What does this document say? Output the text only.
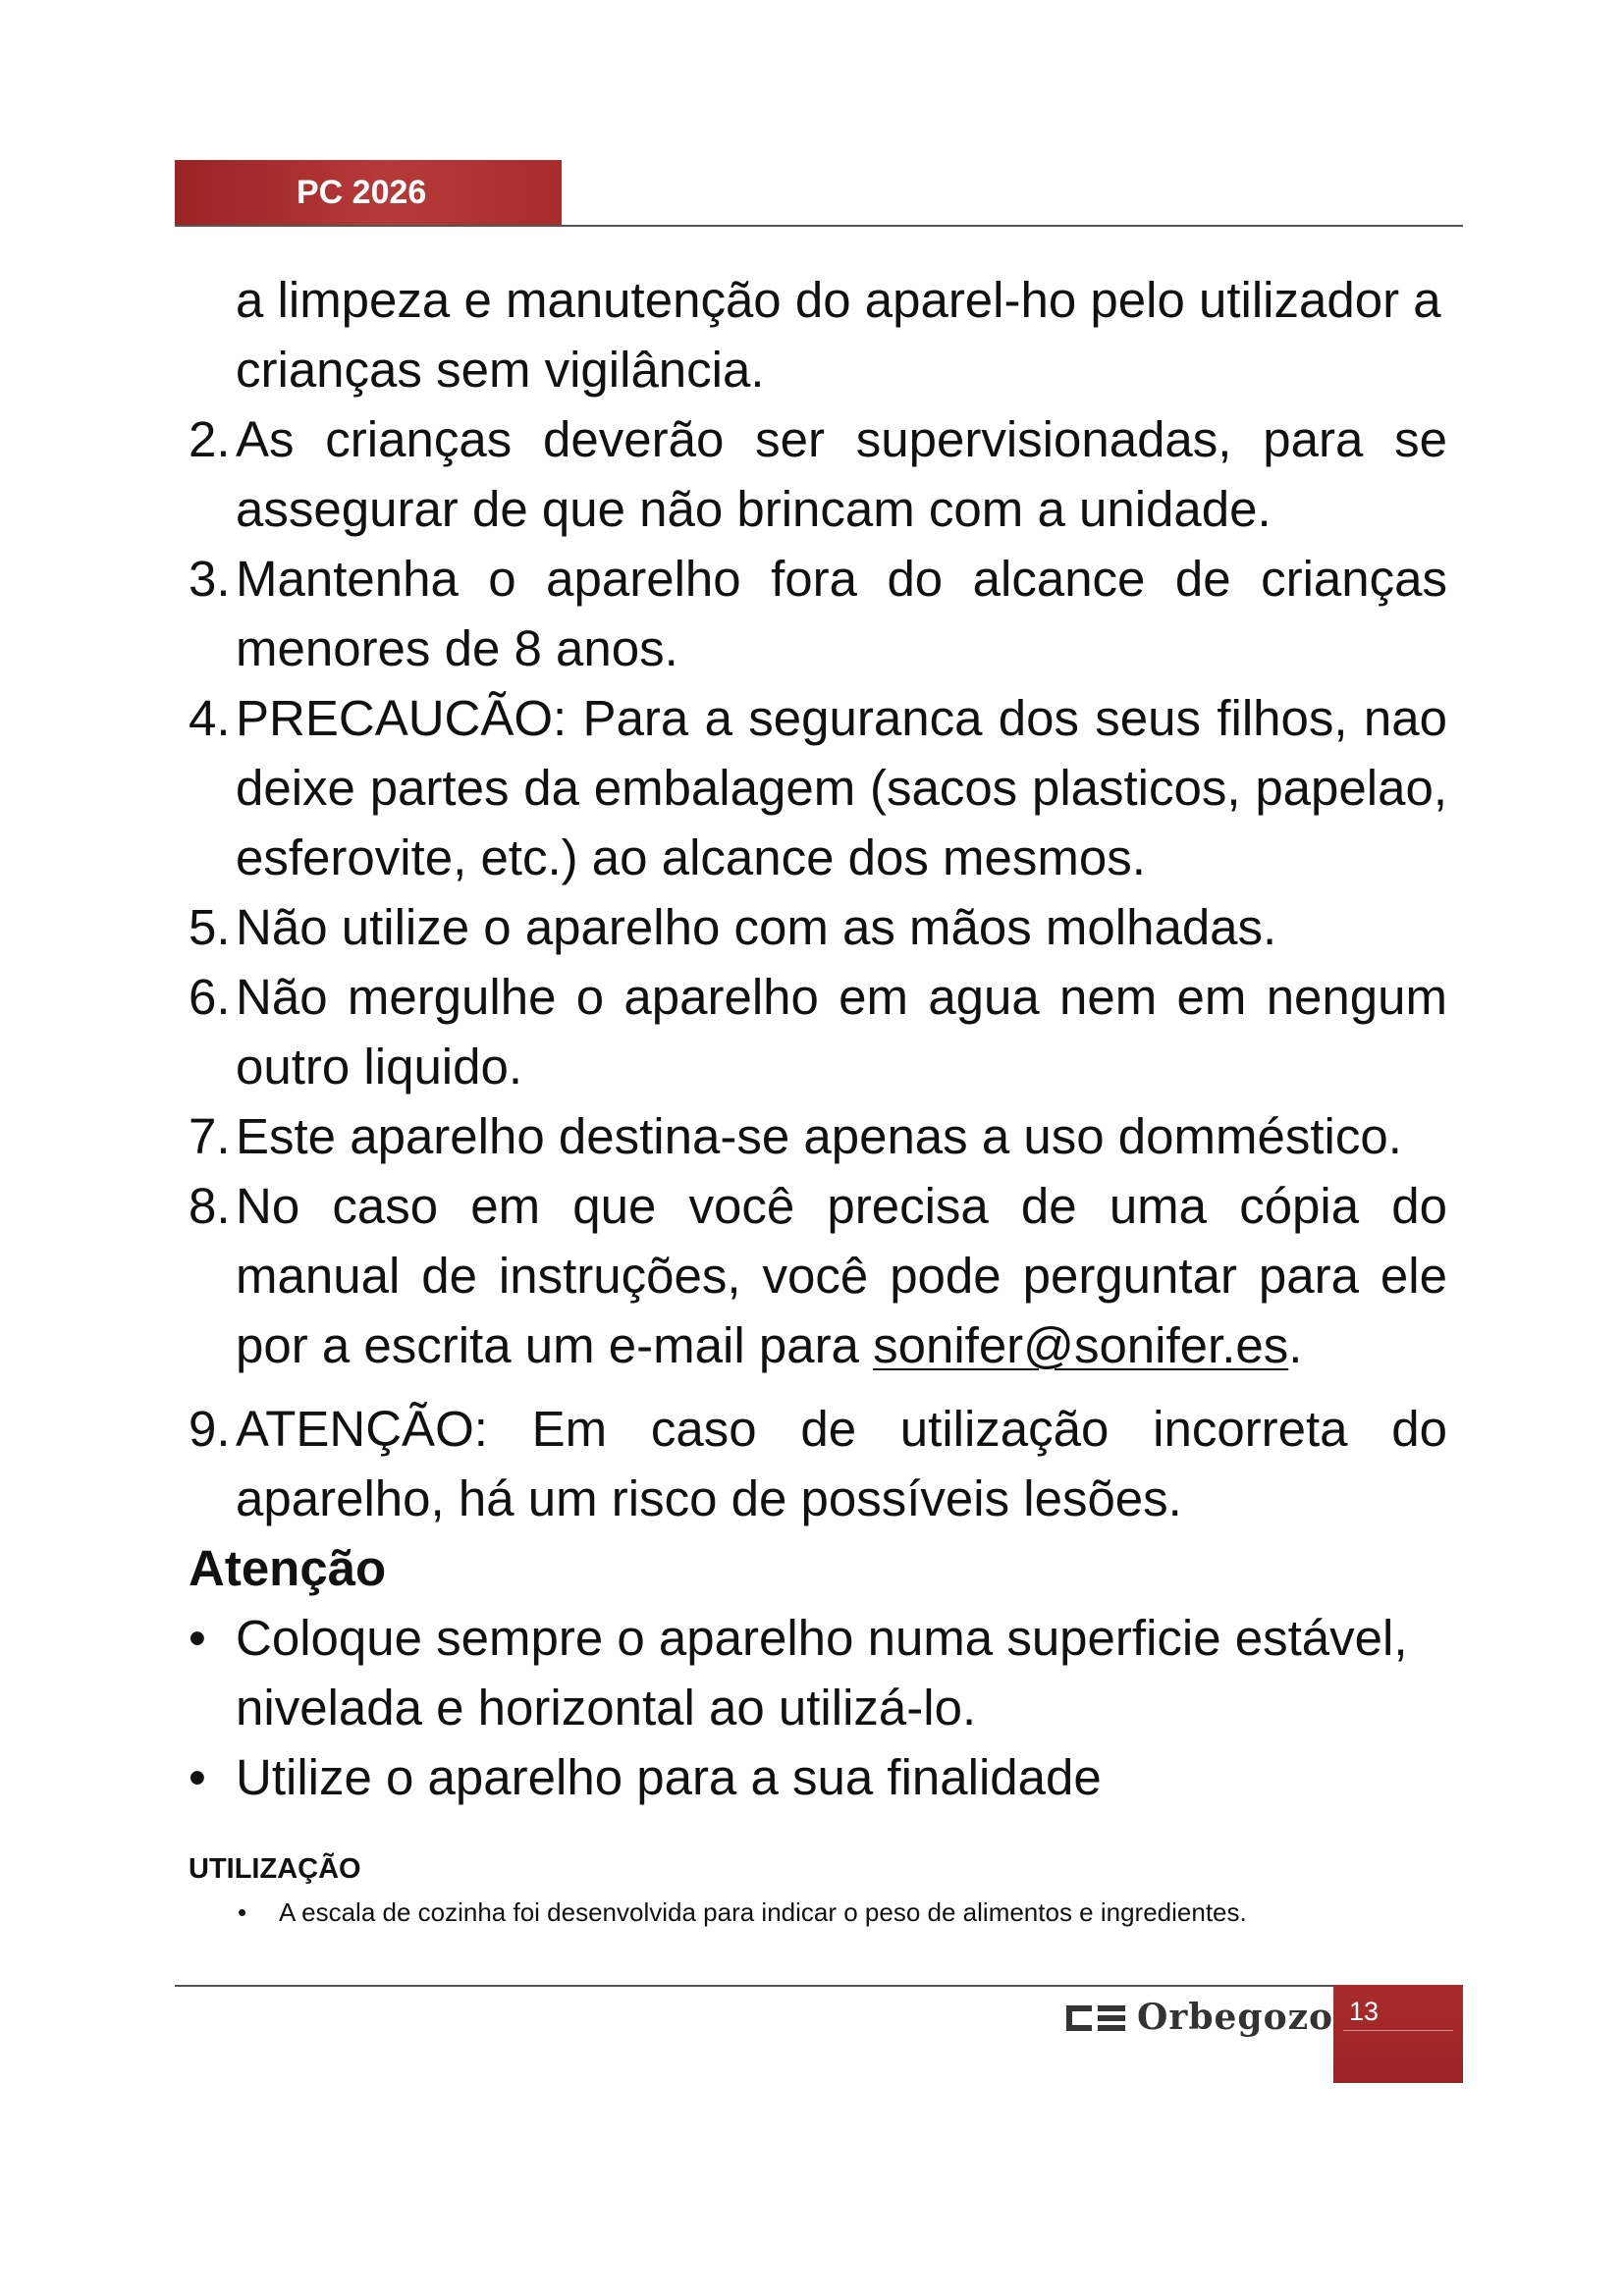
PC 2026

a limpeza e manutenção do aparel-ho pelo utilizador a crianças sem vigilância.

2. As crianças deverão ser supervisionadas, para se assegurar de que não brincam com a unidade.
3. Mantenha o aparelho fora do alcance de crianças menores de 8 anos.
4. PRECAUCÃO: Para a seguranca dos seus filhos, nao deixe partes da embalagem (sacos plasticos, papelao, esferovite, etc.) ao alcance dos mesmos.
5. Não utilize o aparelho com as mãos molhadas.
6. Não mergulhe o aparelho em agua nem em nengum outro liquido.
7. Este aparelho destina-se apenas a uso domméstico.
8. No caso em que você precisa de uma cópia do manual de instruções, você pode perguntar para ele por a escrita um e-mail para sonifer@sonifer.es.
9. ATENÇÃO: Em caso de utilização incorreta do aparelho, há um risco de possíveis lesões.
Atenção
• Coloque sempre o aparelho numa superficie estável, nivelada e horizontal ao utilizá-lo.
• Utilize o aparelho para a sua finalidade
UTILIZAÇÃO
• A escala de cozinha foi desenvolvida para indicar o peso de alimentos e ingredientes.
Orbegozo 13
